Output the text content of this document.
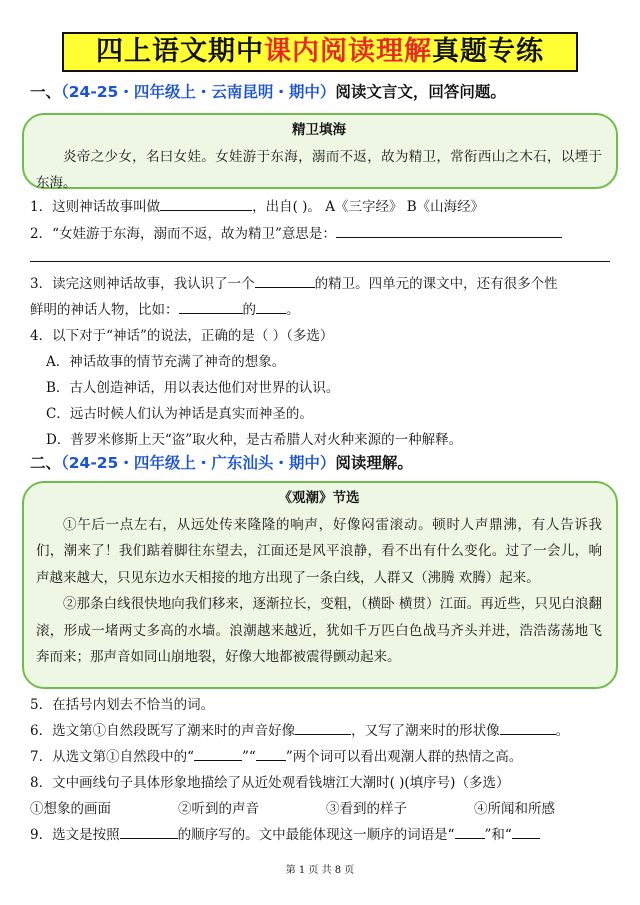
四上语文期中课内阅读理解真题专练
一、（24-25・四年级上・云南昆明・期中）阅读文言文，回答问题。
精卫填海

炎帝之少女，名曰女娃。女娃游于东海，溺而不返，故为精卫，常衔西山之木石，以堙于东海。

1．这则神话故事叫做	，出自( )。 A《三字经》 B《山海经》
2．“女娃游于东海，溺而不返，故为精卫”意思是：
3．读完这则神话故事，我认识了一个	的精卫。四单元的课文中，还有很多个性
鲜明的神话人物，比如：	的 。
4．以下对于“神话”的说法，正确的是（ ）（多选）
A．神话故事的情节充满了神奇的想象。
B．古人创造神话，用以表达他们对世界的认识。
C．远古时候人们认为神话是真实而神圣的。
D．普罗米修斯上天“盗”取火种，是古希腊人对火种来源的一种解释。
二、（24-25・四年级上・广东汕头・期中）阅读理解。
《观潮》节选

①午后一点左右，从远处传来隆隆的响声，好像闷雷滚动。顿时人声鼎沸，有人告诉我们，潮来了！我们踮着脚往东望去，江面还是风平浪静，看不出有什么变化。过了一会儿，响声越来越大，只见东边水天相接的地方出现了一条白线，人群又（沸腾 欢腾）起来。

②那条白线很快地向我们移来，逐渐拉长，变粗，（横卧 横贯）江面。再近些，只见白浪翻滚，形成一堵两丈多高的水墙。浪潮越来越近，犹如千万匹白色战马齐头并进，浩浩荡荡地飞奔而来；那声音如同山崩地裂，好像大地都被震得颤动起来。

5．在括号内划去不恰当的词。
6．选文第①自然段既写了潮来时的声音好像	，又写了潮来时的形状像	。
7．从选文第①自然段中的“	”“ ”两个词可以看出观潮人群的热情之高。
8．文中画线句子具体形象地描绘了从近处观看钱塘江大潮时( )(填序号)（多选）
①想象的画面	②听到的声音	③看到的样子	④所闻和所感
9．选文是按照	的顺序写的。文中最能体现这一顺序的词语是“ ”和“
第 1 页 共 8 页
